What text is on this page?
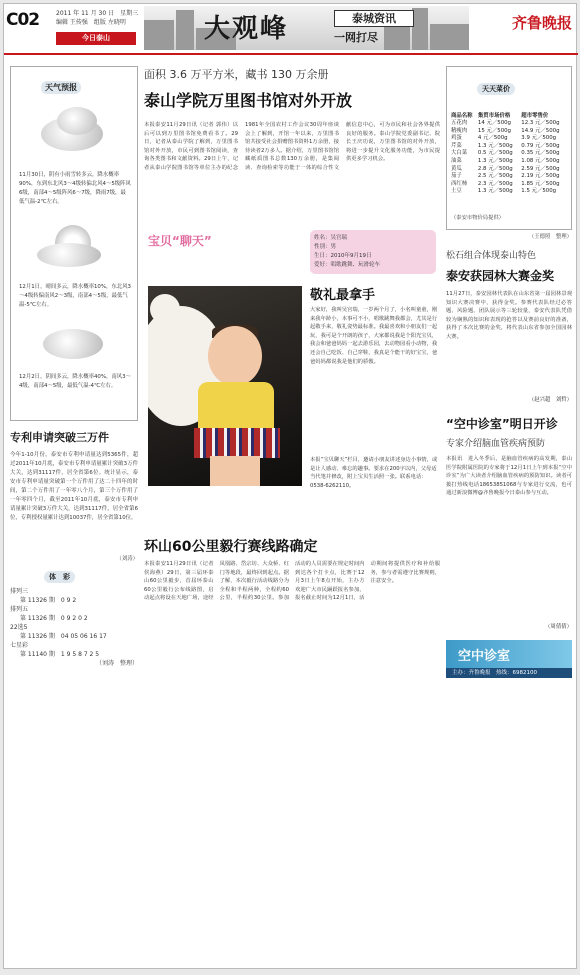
C02	2011 年 11 月 30 日　星期三
编辑 王传强　组版 左晓明
今日泰山	大观峰	泰城资讯
一网打尽
齐鲁晚报
天气预报
11月30日，阴有小雨雪转多云，降水概率90%，东到东北风3～4级转偏北风4～5级阵风6级，南部4～5级阵风6～7级，降雨7级，最低气温-2℃左右。
12月1日，晴间多云，降水概率10%，东北风3～4级转偏南风2～3级，南部4～5级，最低气温-5℃左右。
12月2日，阴间多云，降水概率40%，南风3～4级，南部4～5级，最低气温-4℃左右。
专利申请突破三万件
今年1-10月份，泰安市专利申请量达到5365件，超过2011年10月底，泰安市专利申请量累计突破3万件大关，达到31117件，居全省第6位。统计显示，泰安市专利申请量突破第一个万件用了达二十四年的时间，第二个万件用了一年零八个月，第三个万件用了一年零四个月，截至2011年10月底，泰安市专利申请量累计突破3万件大关，达到31117件，居全省第6位，专利授权量累计达到10037件，居全省第10位。
（刘涛）
体　彩
排列三
第 11326 期　 0 9 2
排列五
第 11326 期　 0 9 2 0 2
22选5
第 11326 期　 04 05 06 16 17
七星彩
第 11140 期　 1 9 5 8 7 2 5
（刘涛　整理）
面积 3.6 万平方米，藏书 130 万余册
泰山学院万里图书馆对外开放
本报泰安11月29日讯（记者 郭伟）以后可以到万里图书馆免费看书了。29日，记者从泰山学院了解到，万里图书馆对外开放，市民可到图书馆阅读，查询各类图书和文献资料。29日上午，记者从泰山学院图书馆等单位主办的纪念1981年全国农村工作会议30周年座谈会上了解到，开馆一年以来，万里图书馆共接受社会捐赠图书资料1万余册，接待读者2万多人。据介绍，万里图书馆馆藏纸质图书总数130万余册，是集阅读、查询检索等功能于一体的综合性文献信息中心，可为市民和社会各界提供良好的服务。泰山学院党委副书记、院长王庆功说，万里图书馆的对外开放，将进一步提升文化服务功能，为市民提供更多学习机会。
宝贝“聊天”	姓名：吴宫瑞
性别：男
生日：2010年9月19日
爱好：唱歌跳舞、玩滑轮车
敬礼最拿手
大家好，我叫吴宫瑞，一岁两个月了，小名叫童童，刚来我年龄小，本事可不小，唱歌跳舞我都会，尤其是行起敬手来，敬礼姿势最标准。我最喜欢和小朋友们一起玩，我可是个开朗的孩子，大家都说我是个阳光宝贝，我会和爸爸妈妈一起去游乐园，去动物园看小动物，我还会自己吃饭、自己穿鞋，我真是个能干的好宝宝，爸爸妈妈都说我是他们的骄傲。
本报“宝贝聊天”栏目，邀请小朋友讲述身边小事情，或是让人感动、难忘的趣事。要求在200字以内，父母适当代笔并修改，附上宝贝生活照一张。联系电话：0538-6262110。
环山60公里毅行赛线路确定
本报泰安11月29日讯（记者 侯海燕）29日，第三届环泰山60公里毅步，首届环泰山60公里毅行公布线路图，启动起点将设在天地广场，途经凤凰路、岱宗坊、大众桥、红门等地段，最终回到起点。据了解，本次毅行活动线路分为全程和半程两种，全程约60公里，半程约30公里。参加活动的人员需要在规定时间内到达各个打卡点，比赛于12月3日上午8点开始，主办方欢迎广大市民踊跃报名参加，报名截止时间为12月1日，活动期间将提供医疗和补给服务，参与者需遵守比赛规则，注意安全。
天天菜价
商品名称	集贸市场价格	超市零售价
五花肉	14 元／500g	12.3 元／500g
精瘦肉	15 元／500g	14.9 元／500g
鸡蛋	4 元／500g	3.9 元／500g
芹菜	1.3 元／500g	0.79 元／500g
大白菜	0.5 元／500g	0.35 元／500g
油菜	1.3 元／500g	1.08 元／500g
黄瓜	2.8 元／500g	2.59 元／500g
茄子	2.5 元／500g	2.19 元／500g
西红柿	2.3 元／500g	1.85 元／500g
土豆	1.3 元／500g	1.5 元／500g
（泰安市物价局提供）
（王德照　整理）
松石组合体现泰山特色
泰安获园林大赛金奖
11月27日，泰安园林代表队在山东省第一届园林景观知识大赛决赛中，获得金奖。参赛代表队经过必答题、风险题、团队展示等三轮较量，泰安代表队凭借较为娴熟的知识和表现的抢答以及赛前良好的准备，获得了本次比赛的金奖，将代表山东省参加全国园林大赛。
（赵兴超　刘哲）
“空中诊室”明日开诊
专家介绍脑血管疾病预防
本报讯　进入冬季后，是脑血管疾病的高发期，泰山医学院附属医院的专家将于12月1日上午到本报“空中诊室”为广大读者介绍脑血管疾病的预防知识。读者可拨打热线电话18653851068与专家进行交流，也可通过新浪微博@齐鲁晚报今日泰山参与互动。
（周倩倩）
空中诊室
主办：齐鲁晚报　热线：6982100
